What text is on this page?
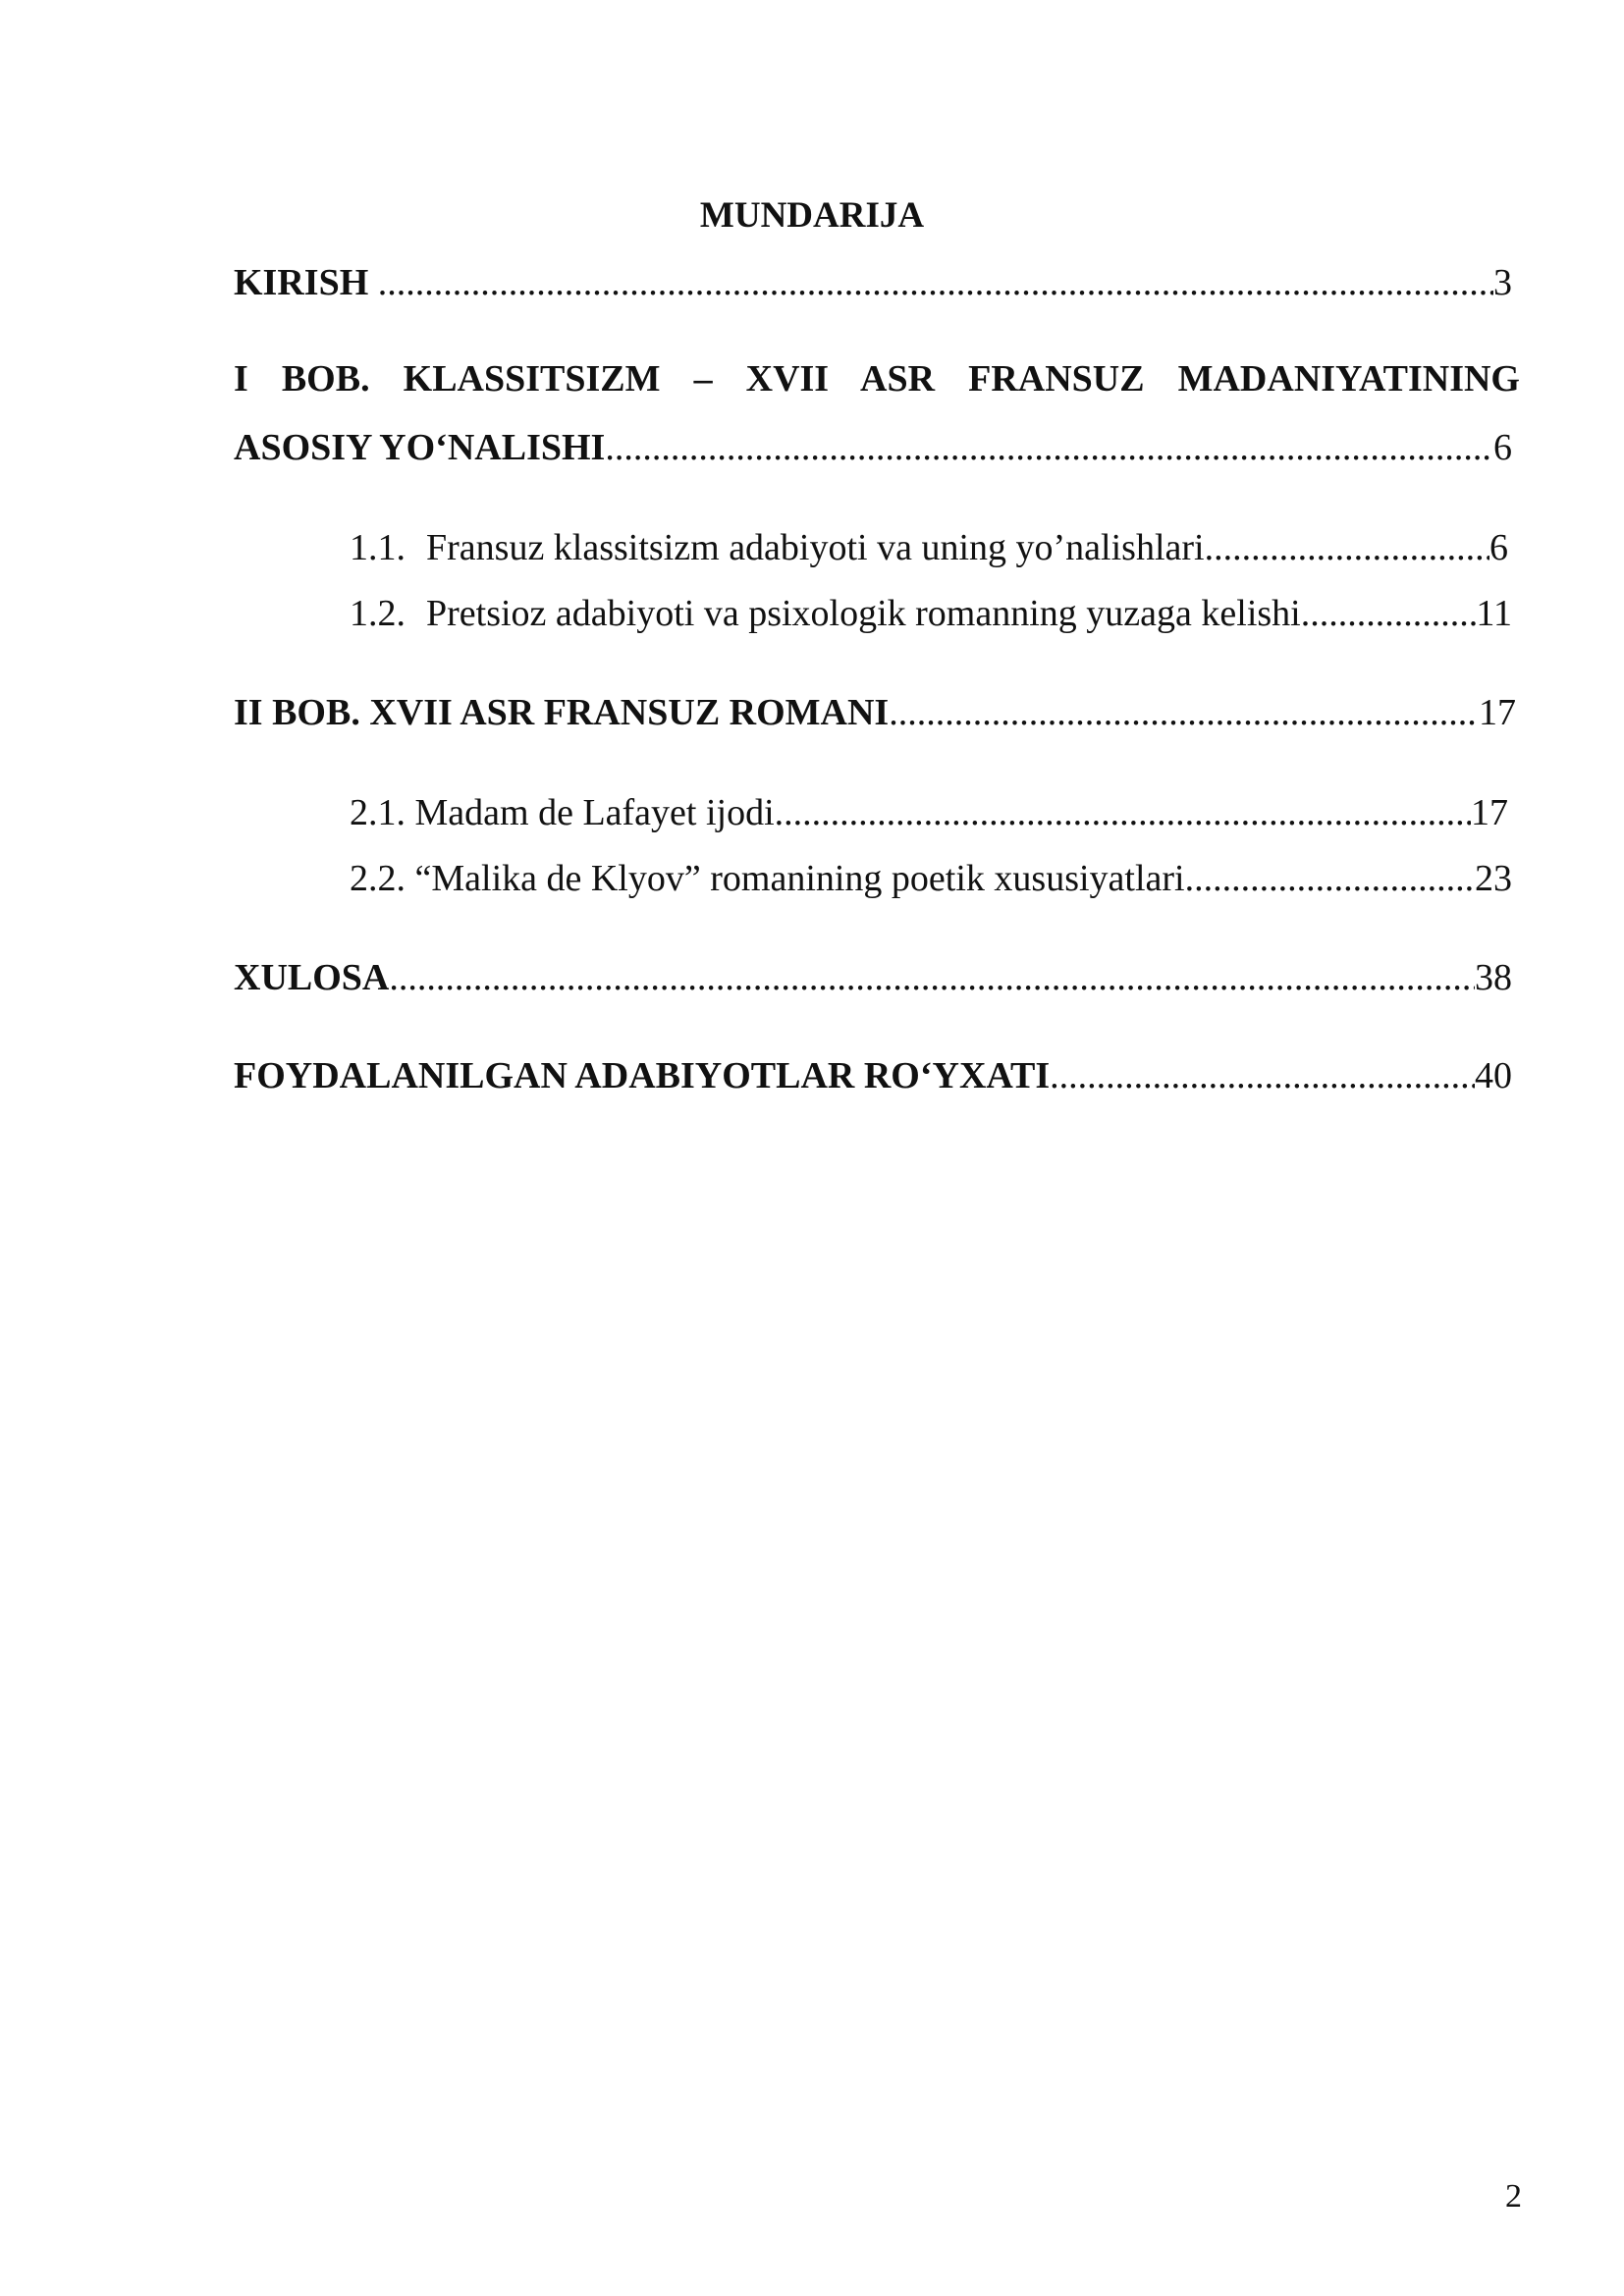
MUNDARIJA
KIRISH .....	3
I BOB. KLASSITSIZM – XVII ASR FRANSUZ MADANIYATINING
ASOSIY YO‘NALISHI .....	6
1.1. Fransuz klassitsizm adabiyoti va uning yo’nalishlari .....	6
1.2. Pretsioz adabiyoti va psixologik romanning yuzaga kelishi .....	11
II BOB. XVII ASR FRANSUZ ROMANI .....	17
2.1. Madam de Lafayet ijodi .....	17
2.2. “Malika de Klyov” romanining poetik xususiyatlari .....	23
XULOSA .....	38
FOYDALANILGAN ADABIYOTLAR RO‘YXATI .....	40
2
